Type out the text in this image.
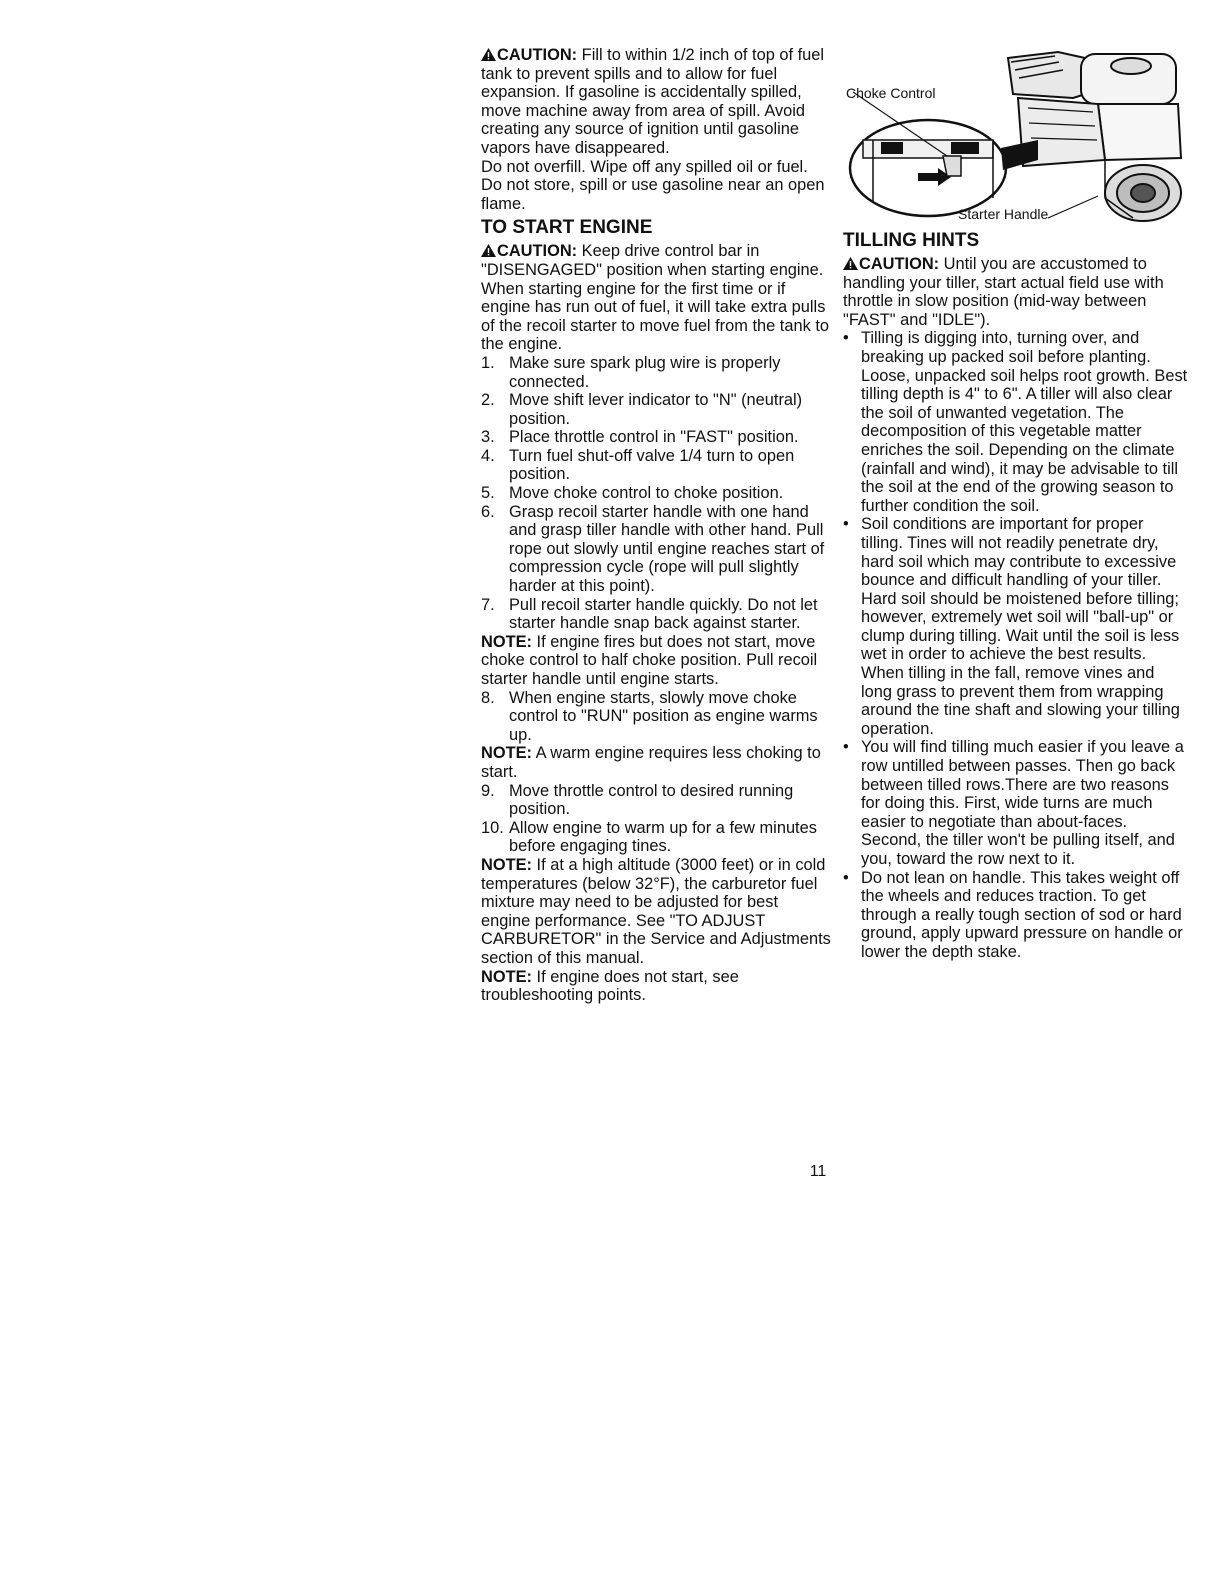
Choke Control
Starter Handle

CAUTION: Fill to within 1/2 inch of top of fuel tank to prevent spills and to allow for fuel expansion. If gasoline is accidentally spilled, move machine away from area of spill. Avoid creating any source of ignition until gasoline vapors have disappeared.

Do not overfill. Wipe off any spilled oil or fuel. Do not store, spill or use gasoline near an open flame.

TO START ENGINE

CAUTION: Keep drive control bar in "DISENGAGED" position when starting engine.

When starting engine for the first time or if engine has run out of fuel, it will take extra pulls of the recoil starter to move fuel from the tank to the engine.

1. Make sure spark plug wire is properly connected.
2. Move shift lever indicator to "N" (neutral) position.
3. Place throttle control in "FAST" position.
4. Turn fuel shut-off valve 1/4 turn to open position.
5. Move choke control to choke position.
6. Grasp recoil starter handle with one hand and grasp tiller handle with other hand. Pull rope out slowly until engine reaches start of compression cycle (rope will pull slightly harder at this point).
7. Pull recoil starter handle quickly. Do not let starter handle snap back against starter.

NOTE: If engine fires but does not start, move choke control to half choke position. Pull recoil starter handle until engine starts.

8. When engine starts, slowly move choke control to "RUN" position as engine warms up.

NOTE: A warm engine requires less choking to start.

9. Move throttle control to desired running position.
10. Allow engine to warm up for a few minutes before engaging tines.

NOTE: If at a high altitude (3000 feet) or in cold temperatures (below 32°F), the carburetor fuel mixture may need to be adjusted for best engine performance. See "TO ADJUST CARBURETOR" in the Service and Adjustments section of this manual.

NOTE: If engine does not start, see troubleshooting points.

TILLING HINTS

CAUTION: Until you are accustomed to handling your tiller, start actual field use with throttle in slow position (mid-way between "FAST" and "IDLE").

• Tilling is digging into, turning over, and breaking up packed soil before planting. Loose, unpacked soil helps root growth. Best tilling depth is 4" to 6". A tiller will also clear the soil of unwanted vegetation. The decomposition of this vegetable matter enriches the soil. Depending on the climate (rainfall and wind), it may be advisable to till the soil at the end of the growing season to further condition the soil.
• Soil conditions are important for proper tilling. Tines will not readily penetrate dry, hard soil which may contribute to excessive bounce and difficult handling of your tiller. Hard soil should be moistened before tilling; however, extremely wet soil will "ball-up" or clump during tilling. Wait until the soil is less wet in order to achieve the best results. When tilling in the fall, remove vines and long grass to prevent them from wrapping around the tine shaft and slowing your tilling operation.
• You will find tilling much easier if you leave a row untilled between passes. Then go back between tilled rows.There are two reasons for doing this. First, wide turns are much easier to negotiate than about-faces. Second, the tiller won't be pulling itself, and you, toward the row next to it.
• Do not lean on handle. This takes weight off the wheels and reduces traction. To get through a really tough section of sod or hard ground, apply upward pressure on handle or lower the depth stake.
11
